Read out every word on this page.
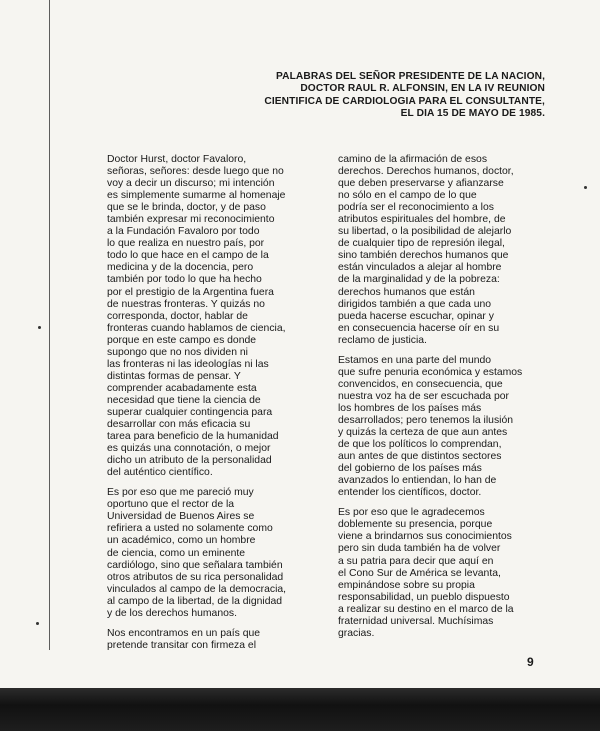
PALABRAS DEL SEÑOR PRESIDENTE DE LA NACION,
DOCTOR RAUL R. ALFONSIN, EN LA IV REUNION
CIENTIFICA DE CARDIOLOGIA PARA EL CONSULTANTE,
EL DIA 15 DE MAYO DE 1985.
Doctor Hurst, doctor Favaloro,
señoras, señores: desde luego que no
voy a decir un discurso; mi intención
es simplemente sumarme al homenaje
que se le brinda, doctor, y de paso
también expresar mi reconocimiento
a la Fundación Favaloro por todo
lo que realiza en nuestro país, por
todo lo que hace en el campo de la
medicina y de la docencia, pero
también por todo lo que ha hecho
por el prestigio de la Argentina fuera
de nuestras fronteras. Y quizás no
corresponda, doctor, hablar de
fronteras cuando hablamos de ciencia,
porque en este campo es donde
supongo que no nos dividen ni
las fronteras ni las ideologías ni las
distintas formas de pensar. Y
comprender acabadamente esta
necesidad que tiene la ciencia de
superar cualquier contingencia para
desarrollar con más eficacia su
tarea para beneficio de la humanidad
es quizás una connotación, o mejor
dicho un atributo de la personalidad
del auténtico científico.
Es por eso que me pareció muy
oportuno que el rector de la
Universidad de Buenos Aires se
refiriera a usted no solamente como
un académico, como un hombre
de ciencia, como un eminente
cardiólogo, sino que señalara también
otros atributos de su rica personalidad
vinculados al campo de la democracia,
al campo de la libertad, de la dignidad
y de los derechos humanos.
Nos encontramos en un país que
pretende transitar con firmeza el
camino de la afirmación de esos
derechos. Derechos humanos, doctor,
que deben preservarse y afianzarse
no sólo en el campo de lo que
podría ser el reconocimiento a los
atributos espirituales del hombre, de
su libertad, o la posibilidad de alejarlo
de cualquier tipo de represión ilegal,
sino también derechos humanos que
están vinculados a alejar al hombre
de la marginalidad y de la pobreza:
derechos humanos que están
dirigidos también a que cada uno
pueda hacerse escuchar, opinar y
en consecuencia hacerse oír en su
reclamo de justicia.
Estamos en una parte del mundo
que sufre penuria económica y estamos
convencidos, en consecuencia, que
nuestra voz ha de ser escuchada por
los hombres de los países más
desarrollados; pero tenemos la ilusión
y quizás la certeza de que aun antes
de que los políticos lo comprendan,
aun antes de que distintos sectores
del gobierno de los países más
avanzados lo entiendan, lo han de
entender los científicos, doctor.
Es por eso que le agradecemos
doblemente su presencia, porque
viene a brindarnos sus conocimientos
pero sin duda también ha de volver
a su patria para decir que aquí en
el Cono Sur de América se levanta,
empinándose sobre su propia
responsabilidad, un pueblo dispuesto
a realizar su destino en el marco de la
fraternidad universal. Muchísimas
gracias.
9
